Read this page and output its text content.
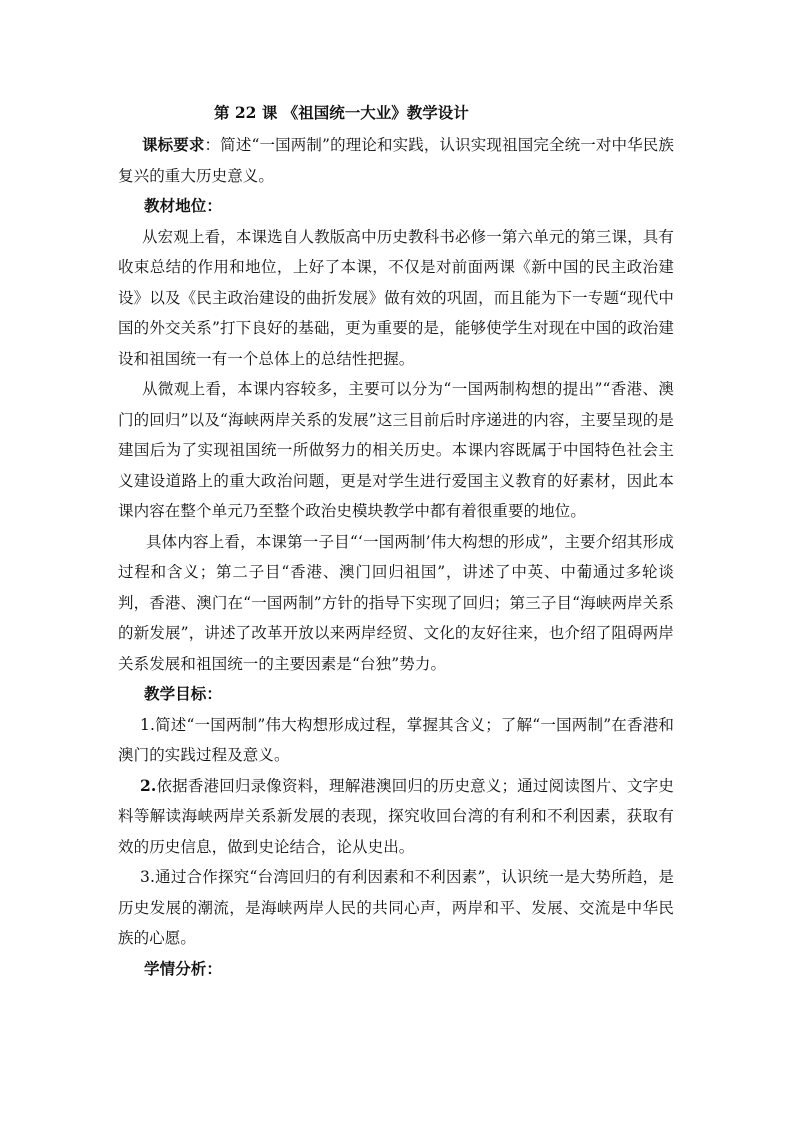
第 22 课 《祖国统一大业》教学设计

课标要求：简述“一国两制”的理论和实践，认识实现祖国完全统一对中华民族复兴的重大历史意义。

教材地位：

从宏观上看，本课选自人教版高中历史教科书必修一第六单元的第三课，具有收束总结的作用和地位，上好了本课，不仅是对前面两课《新中国的民主政治建设》以及《民主政治建设的曲折发展》做有效的巩固，而且能为下一专题“现代中国的外交关系”打下良好的基础，更为重要的是，能够使学生对现在中国的政治建设和祖国统一有一个总体上的总结性把握。

从微观上看，本课内容较多，主要可以分为“一国两制构想的提出”“香港、澳门的回归”以及“海峡两岸关系的发展”这三目前后时序递进的内容，主要呈现的是建国后为了实现祖国统一所做努力的相关历史。本课内容既属于中国特色社会主义建设道路上的重大政治问题，更是对学生进行爱国主义教育的好素材，因此本课内容在整个单元乃至整个政治史模块教学中都有着很重要的地位。

具体内容上看，本课第一子目“‘一国两制’伟大构想的形成”，主要介绍其形成过程和含义；第二子目“香港、澳门回归祖国”，讲述了中英、中葡通过多轮谈判，香港、澳门在“一国两制”方针的指导下实现了回归；第三子目“海峡两岸关系的新发展”，讲述了改革开放以来两岸经贸、文化的友好往来，也介绍了阻碍两岸关系发展和祖国统一的主要因素是“台独”势力。

教学目标：

1.简述“一国两制”伟大构想形成过程，掌握其含义；了解“一国两制”在香港和澳门的实践过程及意义。

2.依据香港回归录像资料，理解港澳回归的历史意义；通过阅读图片、文字史料等解读海峡两岸关系新发展的表现，探究收回台湾的有利和不利因素，获取有效的历史信息，做到史论结合，论从史出。

3.通过合作探究“台湾回归的有利因素和不利因素”，认识统一是大势所趋，是历史发展的潮流，是海峡两岸人民的共同心声，两岸和平、发展、交流是中华民族的心愿。

学情分析：
